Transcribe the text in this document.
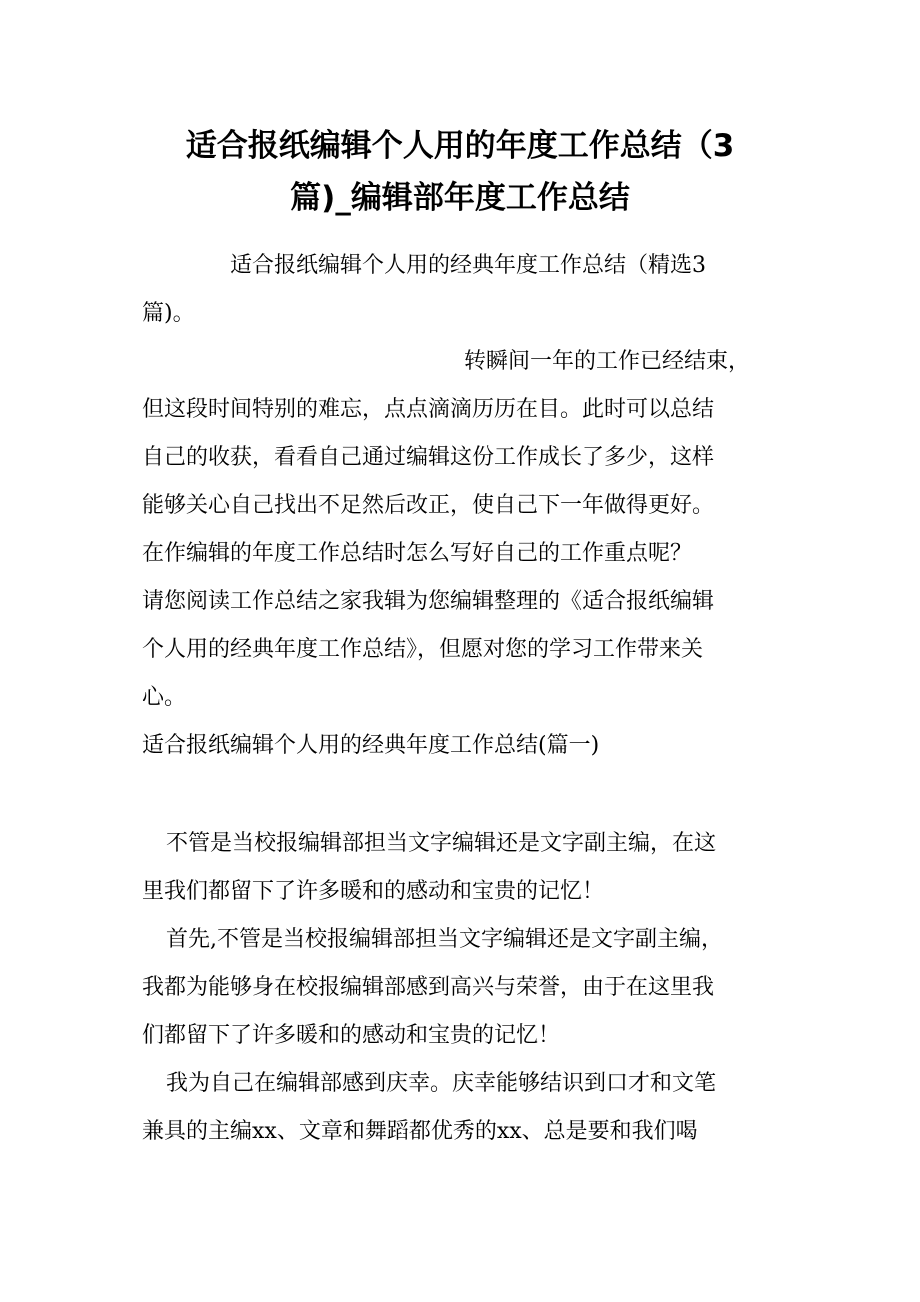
适合报纸编辑个人用的年度工作总结（3
篇)_编辑部年度工作总结
适合报纸编辑个人用的经典年度工作总结（精选3
篇)。
转瞬间一年的工作已经结束，
但这段时间特别的难忘，点点滴滴历历在目。此时可以总结
自己的收获，看看自己通过编辑这份工作成长了多少，这样
能够关心自己找出不足然后改正，使自己下一年做得更好。
在作编辑的年度工作总结时怎么写好自己的工作重点呢？
请您阅读工作总结之家我辑为您编辑整理的《适合报纸编辑
个人用的经典年度工作总结》，但愿对您的学习工作带来关
心。
适合报纸编辑个人用的经典年度工作总结(篇一)
不管是当校报编辑部担当文字编辑还是文字副主编，在这
里我们都留下了许多暖和的感动和宝贵的记忆！
首先,不管是当校报编辑部担当文字编辑还是文字副主编，
我都为能够身在校报编辑部感到高兴与荣誉，由于在这里我
们都留下了许多暖和的感动和宝贵的记忆！
我为自己在编辑部感到庆幸。庆幸能够结识到口才和文笔
兼具的主编xx、文章和舞蹈都优秀的xx、总是要和我们喝
